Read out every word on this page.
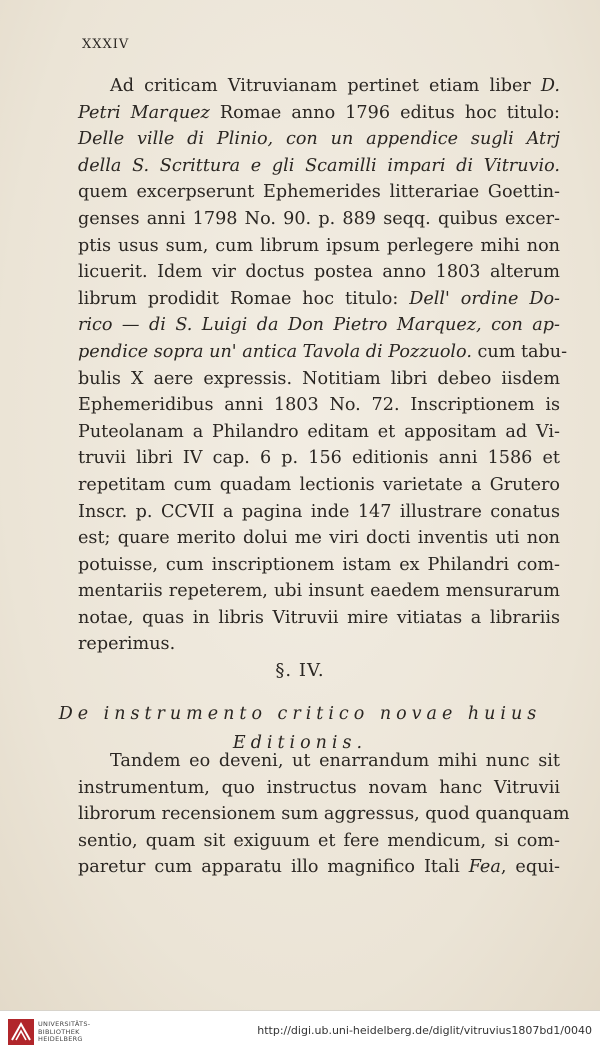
XXXIV
Ad criticam Vitruvianam pertinet etiam liber D.
Petri Marquez Romae anno 1796 editus hoc titulo:
Delle ville di Plinio, con un appendice sugli Atrj
della S. Scrittura e gli Scamilli impari di Vitruvio.
quem excerpserunt Ephemerides litterariae Goettin-
genses anni 1798 No. 90. p. 889 seqq. quibus excer-
ptis usus sum, cum librum ipsum perlegere mihi non
licuerit. Idem vir doctus postea anno 1803 alterum
librum prodidit Romae hoc titulo: Dell' ordine Do-
rico — di S. Luigi da Don Pietro Marquez, con ap-
pendice sopra un' antica Tavola di Pozzuolo. cum tabu-
bulis X aere expressis. Notitiam libri debeo iisdem
Ephemeridibus anni 1803 No. 72. Inscriptionem is
Puteolanam a Philandro editam et appositam ad Vi-
truvii libri IV cap. 6 p. 156 editionis anni 1586 et
repetitam cum quadam lectionis varietate a Grutero
Inscr. p. CCVII a pagina inde 147 illustrare conatus
est; quare merito dolui me viri docti inventis uti non
potuisse, cum inscriptionem istam ex Philandri com-
mentariis repeterem, ubi insunt eaedem mensurarum
notae, quas in libris Vitruvii mire vitiatas a librariis
reperimus.
§. IV.
De instrumento critico novae huius
Editionis.
Tandem eo deveni, ut enarrandum mihi nunc sit
instrumentum, quo instructus novam hanc Vitruvii
librorum recensionem sum aggressus, quod quanquam
sentio, quam sit exiguum et fere mendicum, si com-
paretur cum apparatu illo magnifico Itali Fea, equi-
UNIVERSITÄTS-
BIBLIOTHEK
HEIDELBERG
http://digi.ub.uni-heidelberg.de/diglit/vitruvius1807bd1/0040
